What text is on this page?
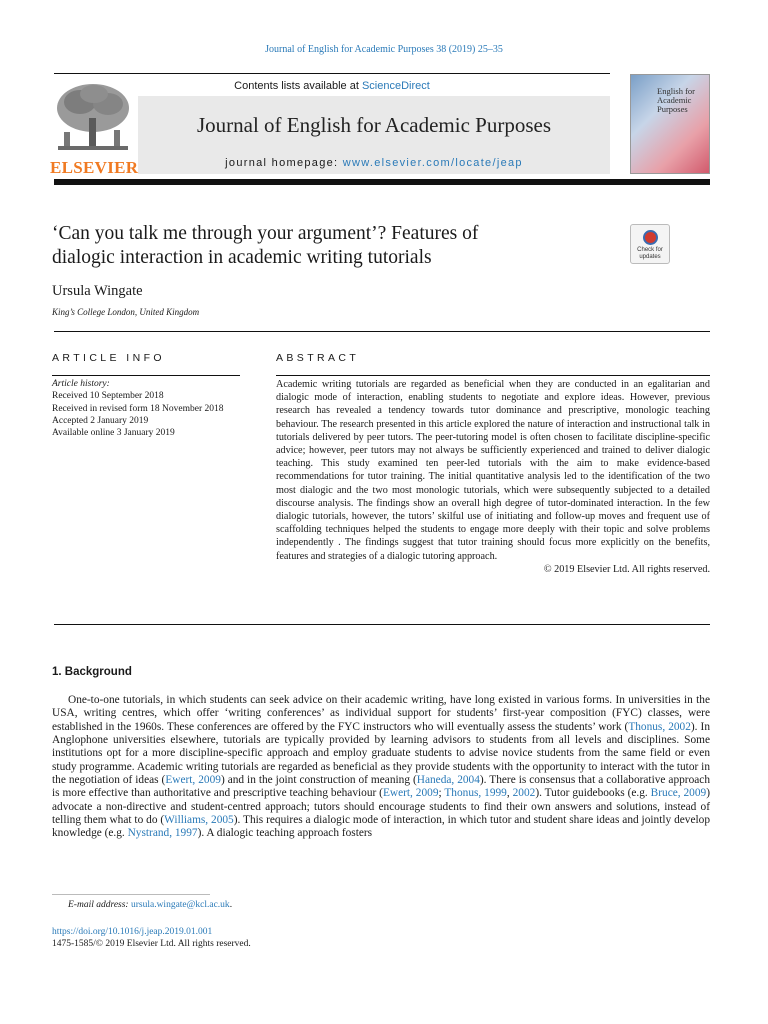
Journal of English for Academic Purposes 38 (2019) 25–35
Contents lists available at ScienceDirect
Journal of English for Academic Purposes
journal homepage: www.elsevier.com/locate/jeap
ELSEVIER
English for Academic Purposes
‘Can you talk me through your argument’? Features of
dialogic interaction in academic writing tutorials	Check for
updates
Ursula Wingate
King’s College London, United Kingdom
ARTICLE INFO	ABSTRACT
Article history:
Received 10 September 2018
Received in revised form 18 November 2018
Accepted 2 January 2019
Available online 3 January 2019

Academic writing tutorials are regarded as beneficial when they are conducted in an egalitarian and dialogic mode of interaction, enabling students to negotiate and explore ideas. However, previous research has revealed a tendency towards tutor dominance and prescriptive, monologic teaching behaviour. The research presented in this article explored the nature of interaction and instructional talk in tutorials delivered by peer tutors. The peer-tutoring model is often chosen to facilitate discipline-specific advice; however, peer tutors may not always be sufficiently experienced and trained to deliver dialogic teaching. This study examined ten peer-led tutorials with the aim to make evidence-based recommendations for tutor training. The initial quantitative analysis led to the identification of the two most dialogic and the two most monologic tutorials, which were subsequently subjected to a detailed discourse analysis. The findings show an overall high degree of tutor-dominated interaction. In the few dialogic tutorials, however, the tutors’ skilful use of initiating and follow-up moves and frequent use of scaffolding techniques helped the students to engage more deeply with their topic and solve problems independently . The findings suggest that tutor training should focus more explicitly on the benefits, features and strategies of a dialogic tutoring approach.

© 2019 Elsevier Ltd. All rights reserved.

1. Background

One-to-one tutorials, in which students can seek advice on their academic writing, have long existed in various forms. In universities in the USA, writing centres, which offer ‘writing conferences’ as individual support for students’ first-year composition (FYC) classes, were established in the 1960s. These conferences are offered by the FYC instructors who will eventually assess the students’ work (Thonus, 2002). In Anglophone universities elsewhere, tutorials are typically provided by learning advisors to students from all levels and disciplines. Some institutions opt for a more discipline-specific approach and employ graduate students to advise novice students from the same field or even study programme. Academic writing tutorials are regarded as beneficial as they provide students with the opportunity to interact with the tutor in the negotiation of ideas (Ewert, 2009) and in the joint construction of meaning (Haneda, 2004). There is consensus that a collaborative approach is more effective than authoritative and prescriptive teaching behaviour (Ewert, 2009; Thonus, 1999, 2002). Tutor guidebooks (e.g. Bruce, 2009) advocate a non-directive and student-centred approach; tutors should encourage students to find their own answers and solutions, instead of telling them what to do (Williams, 2005). This requires a dialogic mode of interaction, in which tutor and student share ideas and jointly develop knowledge (e.g. Nystrand, 1997). A dialogic teaching approach fosters

E-mail address: ursula.wingate@kcl.ac.uk.
https://doi.org/10.1016/j.jeap.2019.01.001
1475-1585/© 2019 Elsevier Ltd. All rights reserved.
